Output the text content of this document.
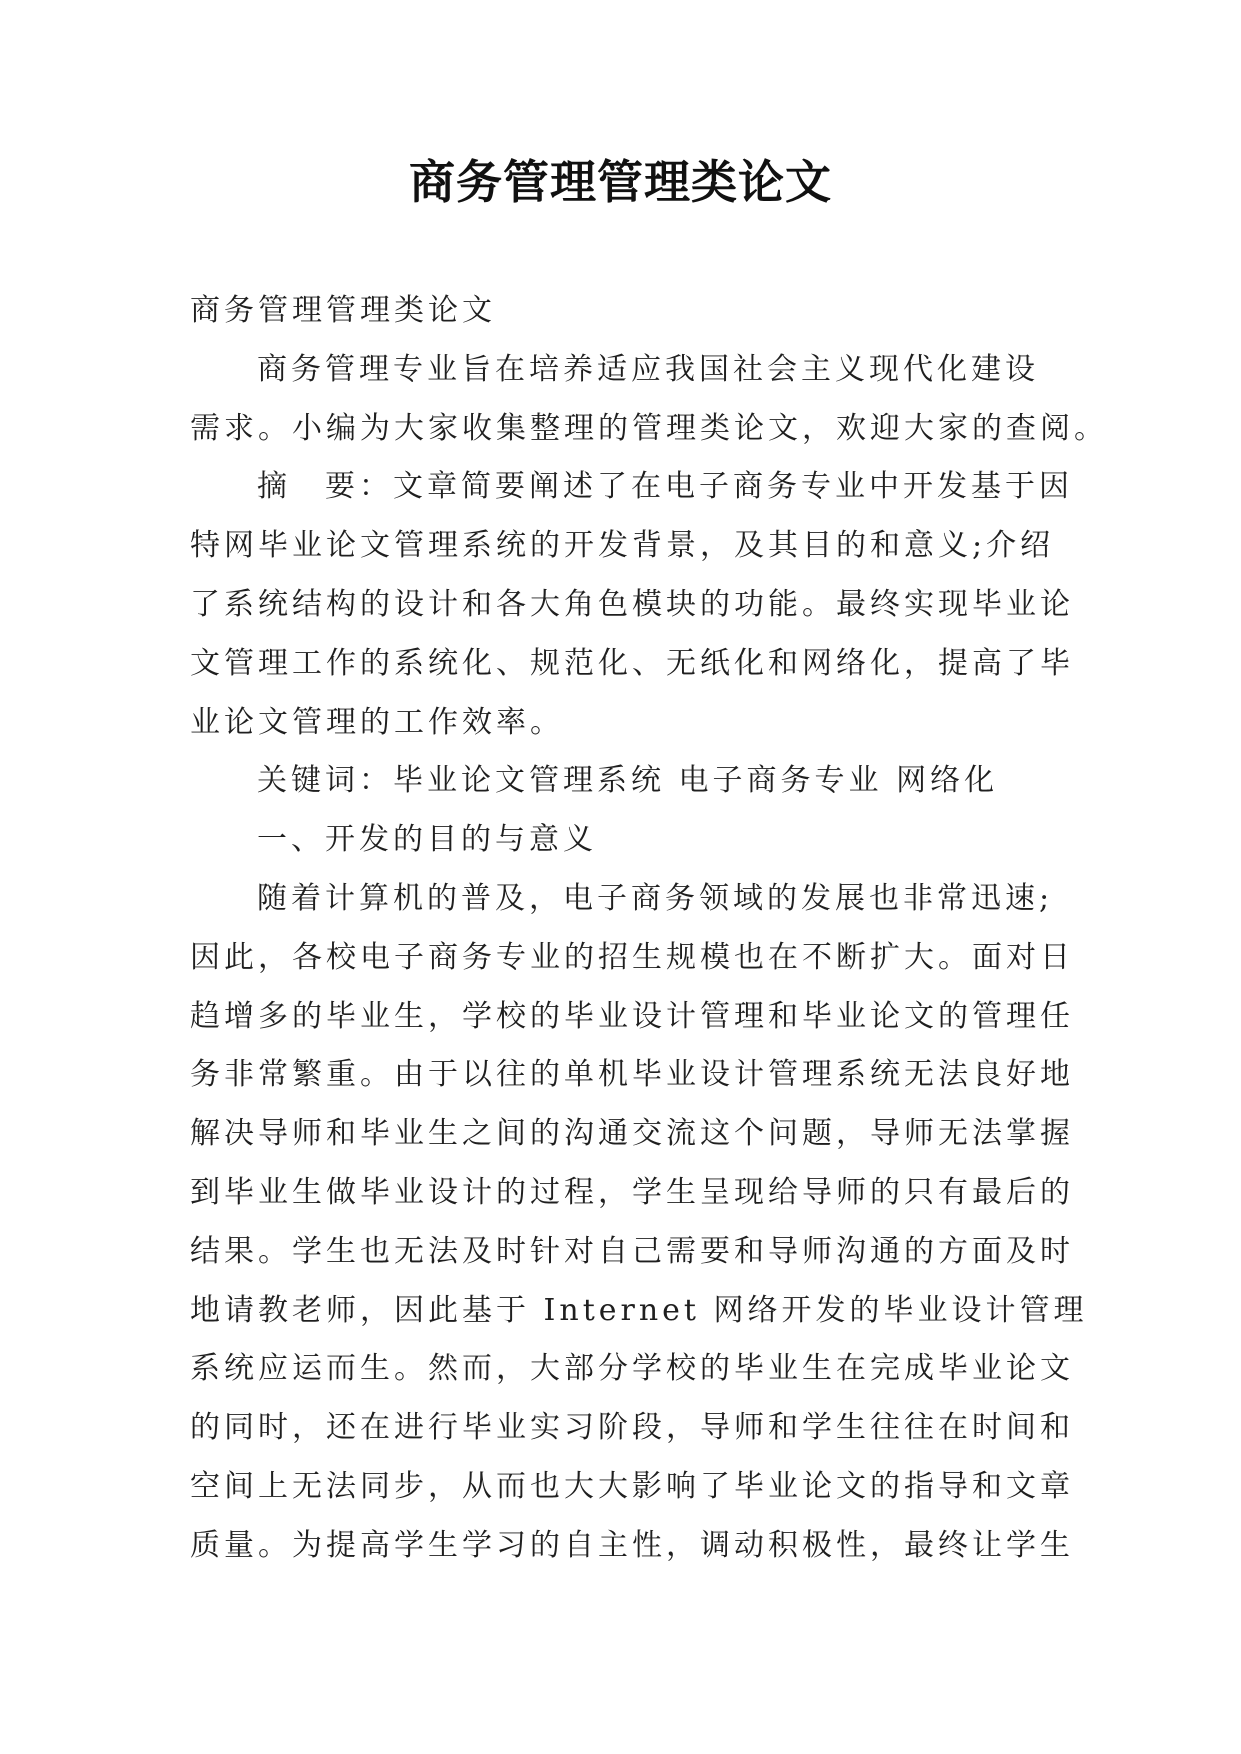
商务管理管理类论文
商务管理管理类论文
商务管理专业旨在培养适应我国社会主义现代化建设
需求。小编为大家收集整理的管理类论文，欢迎大家的查阅。
摘　要：文章简要阐述了在电子商务专业中开发基于因
特网毕业论文管理系统的开发背景，及其目的和意义;介绍
了系统结构的设计和各大角色模块的功能。最终实现毕业论
文管理工作的系统化、规范化、无纸化和网络化，提高了毕
业论文管理的工作效率。
关键词：毕业论文管理系统 电子商务专业 网络化
一、开发的目的与意义
随着计算机的普及，电子商务领域的发展也非常迅速;
因此，各校电子商务专业的招生规模也在不断扩大。面对日
趋增多的毕业生，学校的毕业设计管理和毕业论文的管理任
务非常繁重。由于以往的单机毕业设计管理系统无法良好地
解决导师和毕业生之间的沟通交流这个问题，导师无法掌握
到毕业生做毕业设计的过程，学生呈现给导师的只有最后的
结果。学生也无法及时针对自己需要和导师沟通的方面及时
地请教老师，因此基于 Internet 网络开发的毕业设计管理
系统应运而生。然而，大部分学校的毕业生在完成毕业论文
的同时，还在进行毕业实习阶段，导师和学生往往在时间和
空间上无法同步，从而也大大影响了毕业论文的指导和文章
质量。为提高学生学习的自主性，调动积极性，最终让学生
